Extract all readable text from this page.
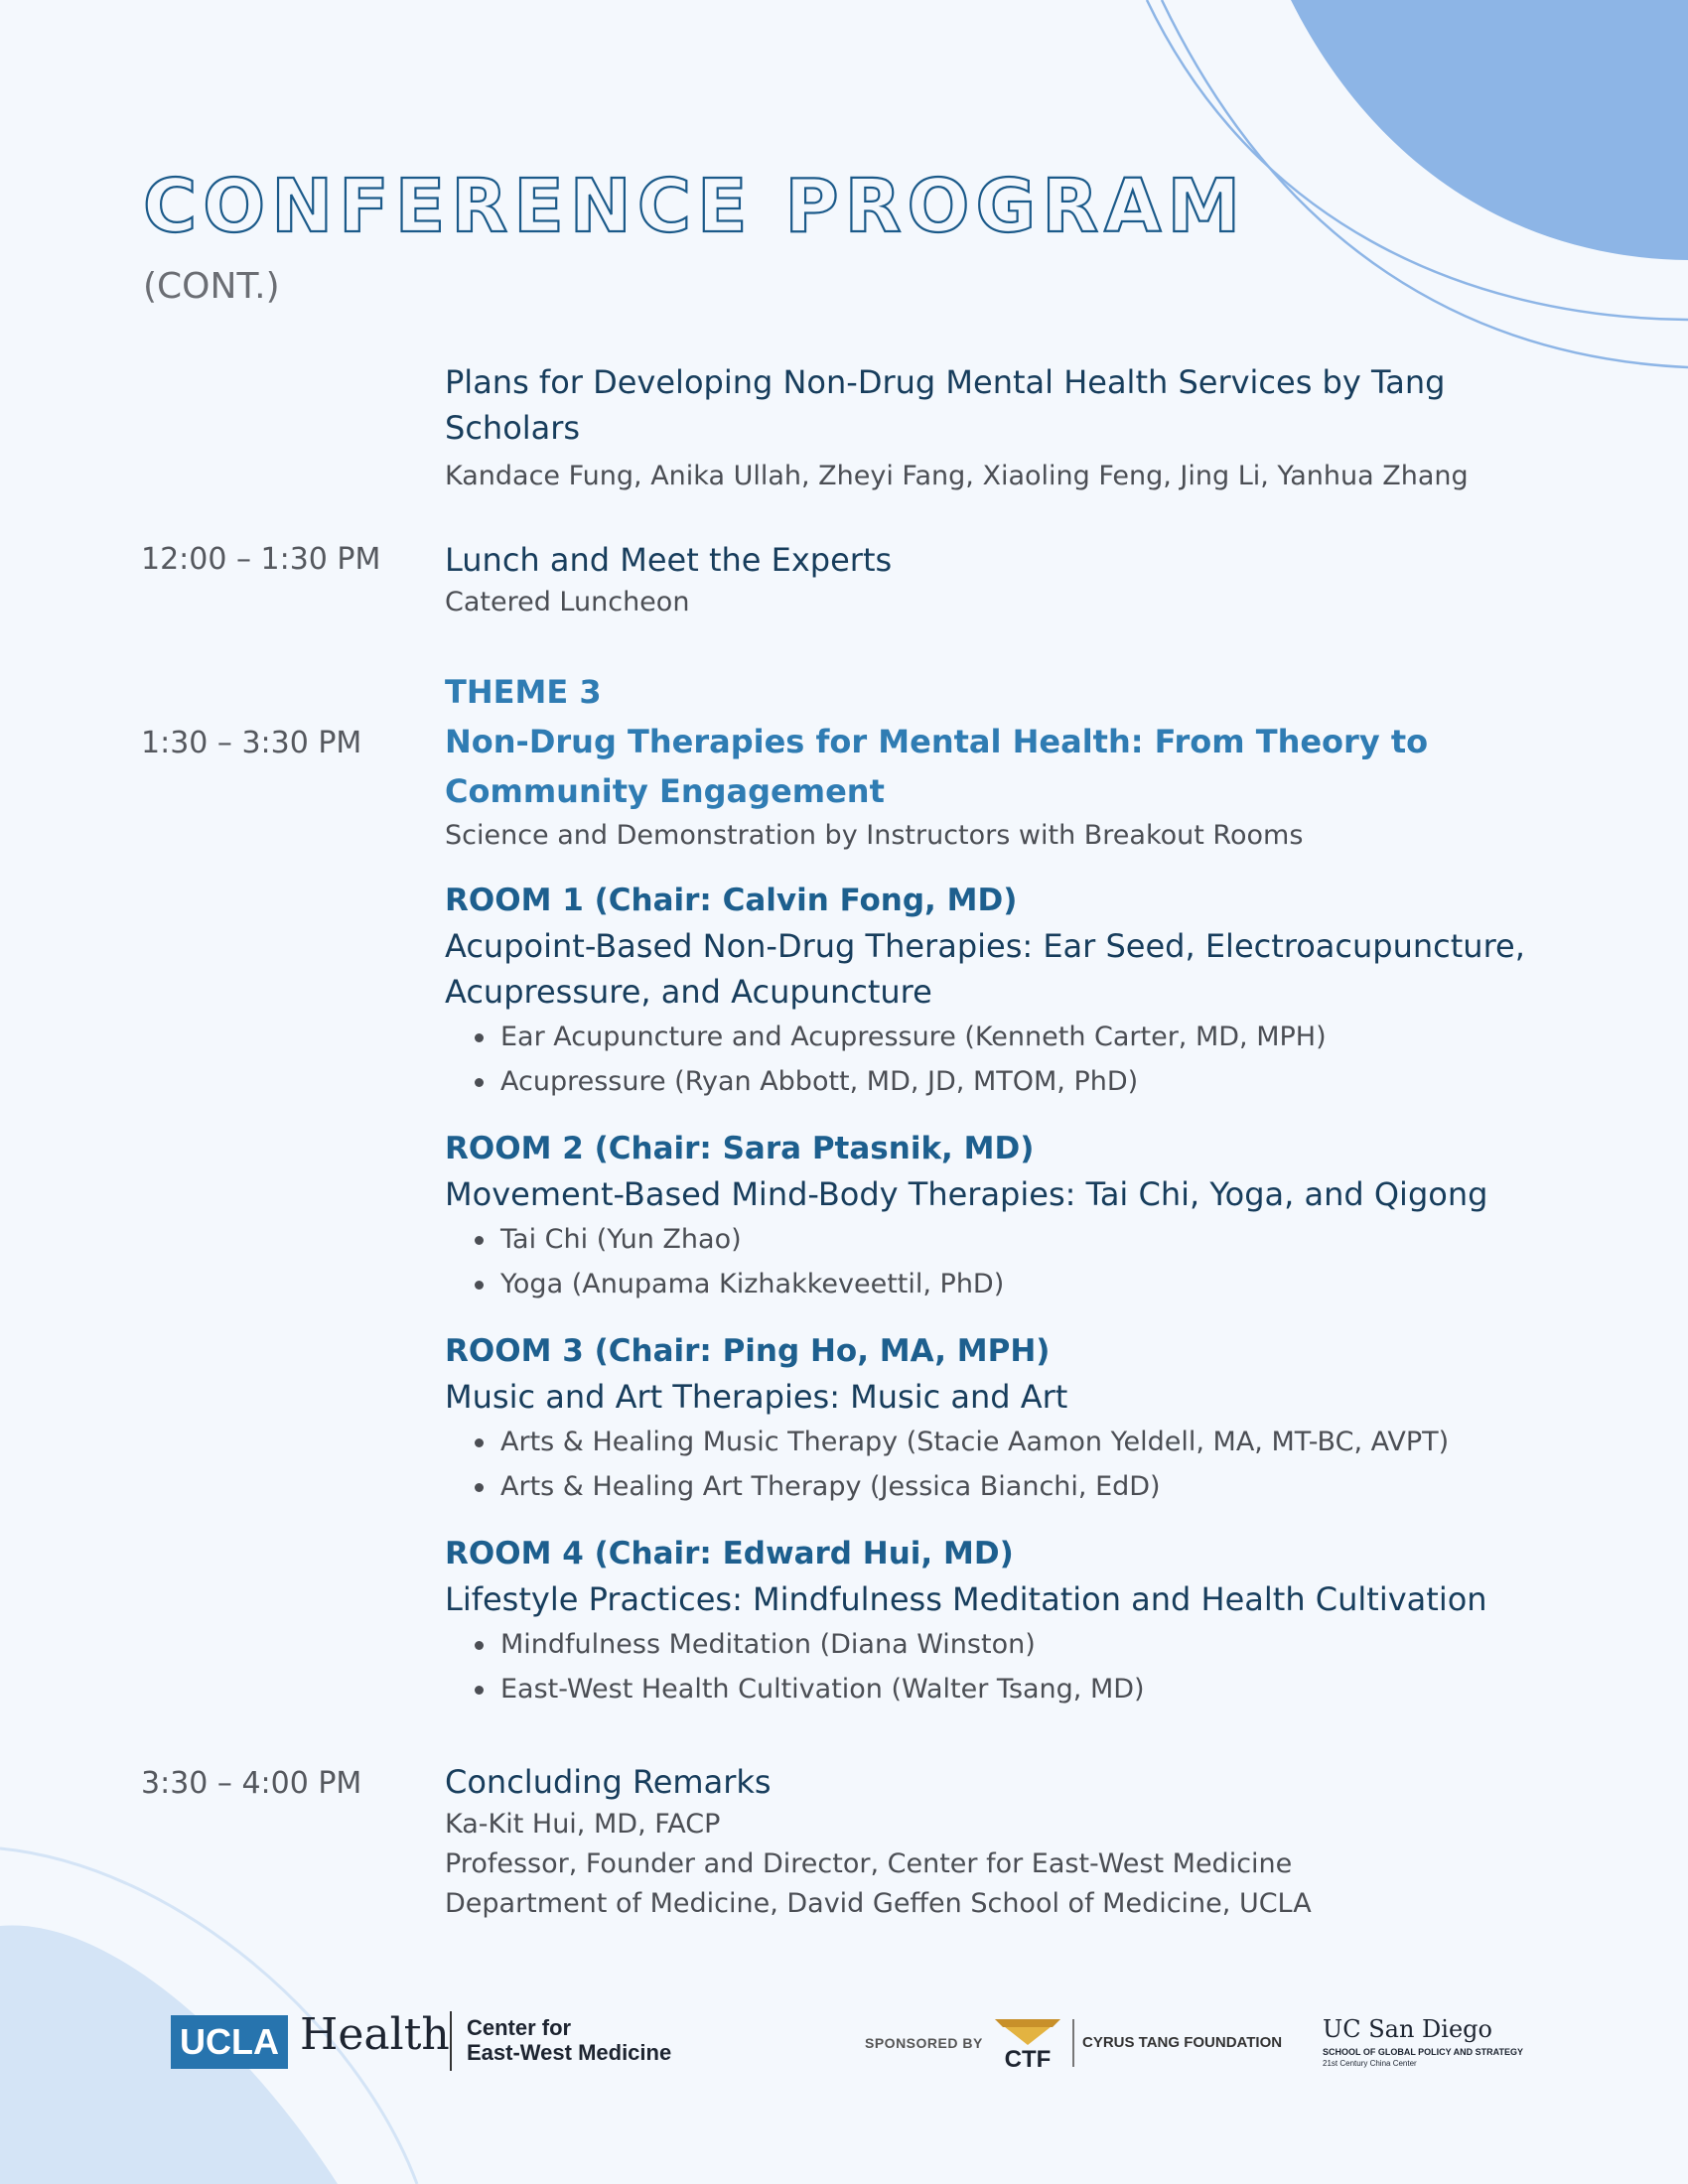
CONFERENCE PROGRAM
(CONT.)
Plans for Developing Non-Drug Mental Health Services by Tang Scholars
Kandace Fung, Anika Ullah, Zheyi Fang, Xiaoling Feng, Jing Li, Yanhua Zhang
12:00 – 1:30 PM Lunch and Meet the Experts
Catered Luncheon
1:30 – 3:30 PM
THEME 3
Non-Drug Therapies for Mental Health: From Theory to Community Engagement
Science and Demonstration by Instructors with Breakout Rooms
ROOM 1 (Chair: Calvin Fong, MD)
Acupoint-Based Non-Drug Therapies: Ear Seed, Electroacupuncture, Acupressure, and Acupuncture
Ear Acupuncture and Acupressure (Kenneth Carter, MD, MPH)
Acupressure (Ryan Abbott, MD, JD, MTOM, PhD)
ROOM 2 (Chair: Sara Ptasnik, MD)
Movement-Based Mind-Body Therapies: Tai Chi, Yoga, and Qigong
Tai Chi (Yun Zhao)
Yoga (Anupama Kizhakkeveettil, PhD)
ROOM 3 (Chair: Ping Ho, MA, MPH)
Music and Art Therapies: Music and Art
Arts & Healing Music Therapy (Stacie Aamon Yeldell, MA, MT-BC, AVPT)
Arts & Healing Art Therapy (Jessica Bianchi, EdD)
ROOM 4 (Chair: Edward Hui, MD)
Lifestyle Practices: Mindfulness Meditation and Health Cultivation
Mindfulness Meditation (Diana Winston)
East-West Health Cultivation (Walter Tsang, MD)
3:30 – 4:00 PM	Concluding Remarks
Ka-Kit Hui, MD, FACP
Professor, Founder and Director, Center for East-West Medicine
Department of Medicine, David Geffen School of Medicine, UCLA
UCLA Health Center for
East-West Medicine	SPONSORED BY
CTF
CYRUS TANG FOUNDATION UC San Diego
SCHOOL OF GLOBAL POLICY AND STRATEGY
21st Century China Center
